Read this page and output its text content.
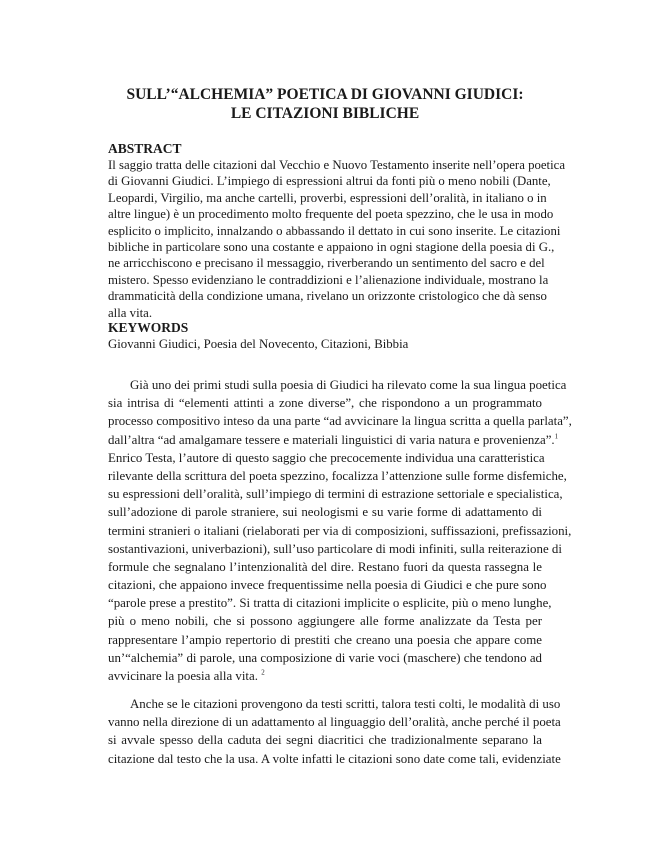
SULL’“ALCHEMIA” POETICA DI GIOVANNI GIUDICI:
LE CITAZIONI BIBLICHE
ABSTRACT
Il saggio tratta delle citazioni dal Vecchio e Nuovo Testamento inserite nell’opera poetica
di Giovanni Giudici. L’impiego di espressioni altrui da fonti più o meno nobili (Dante,
Leopardi, Virgilio, ma anche cartelli, proverbi, espressioni dell’oralità, in italiano o in
altre lingue) è un procedimento molto frequente del poeta spezzino, che le usa in modo
esplicito o implicito, innalzando o abbassando il dettato in cui sono inserite. Le citazioni
bibliche in particolare sono una costante e appaiono in ogni stagione della poesia di G.,
ne arricchiscono e precisano il messaggio, riverberando un sentimento del sacro e del
mistero. Spesso evidenziano le contraddizioni e l’alienazione individuale, mostrano la
drammaticità della condizione umana, rivelano un orizzonte cristologico che dà senso
alla vita.
KEYWORDS
Giovanni Giudici, Poesia del Novecento, Citazioni, Bibbia
Già uno dei primi studi sulla poesia di Giudici ha rilevato come la sua lingua poetica
sia intrisa di “elementi attinti a zone diverse”, che rispondono a un programmato
processo compositivo inteso da una parte “ad avvicinare la lingua scritta a quella parlata”,
dall’altra “ad amalgamare tessere e materiali linguistici di varia natura e provenienza”.$^1$
Enrico Testa, l’autore di questo saggio che precocemente individua una caratteristica
rilevante della scrittura del poeta spezzino, focalizza l’attenzione sulle forme disfemiche,
su espressioni dell’oralità, sull’impiego di termini di estrazione settoriale e specialistica,
sull’adozione di parole straniere, sui neologismi e su varie forme di adattamento di
termini stranieri o italiani (rielaborati per via di composizioni, suffissazioni, prefissazioni,
sostantivazioni, univerbazioni), sull’uso particolare di modi infiniti, sulla reiterazione di
formule che segnalano l’intenzionalità del dire. Restano fuori da questa rassegna le
citazioni, che appaiono invece frequentissime nella poesia di Giudici e che pure sono
“parole prese a prestito”. Si tratta di citazioni implicite o esplicite, più o meno lunghe,
più o meno nobili, che si possono aggiungere alle forme analizzate da Testa per
rappresentare l’ampio repertorio di prestiti che creano una poesia che appare come
un’“alchemia” di parole, una composizione di varie voci (maschere) che tendono ad
avvicinare la poesia alla vita. $^2$
Anche se le citazioni provengono da testi scritti, talora testi colti, le modalità di uso
vanno nella direzione di un adattamento al linguaggio dell’oralità, anche perché il poeta
si avvale spesso della caduta dei segni diacritici che tradizionalmente separano la
citazione dal testo che la usa. A volte infatti le citazioni sono date come tali, evidenziate
